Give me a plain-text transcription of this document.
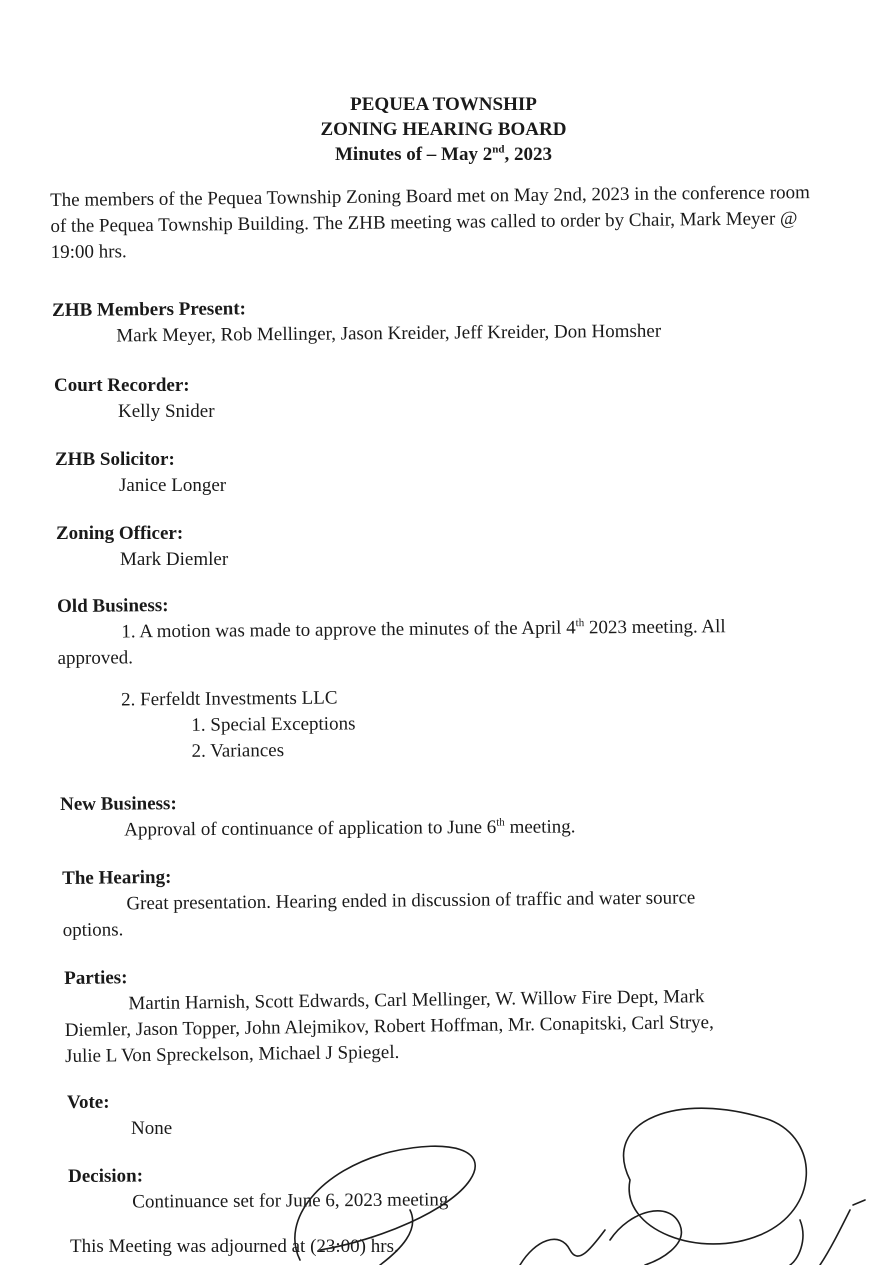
PEQUEA TOWNSHIP
ZONING HEARING BOARD
Minutes of – May 2nd, 2023
The members of the Pequea Township Zoning Board met on May 2nd, 2023 in the conference room of the Pequea Township Building. The ZHB meeting was called to order by Chair, Mark Meyer @ 19:00 hrs.
ZHB Members Present:
Mark Meyer, Rob Mellinger, Jason Kreider, Jeff Kreider, Don Homsher
Court Recorder:
Kelly Snider
ZHB Solicitor:
Janice Longer
Zoning Officer:
Mark Diemler
Old Business:
1. A motion was made to approve the minutes of the April 4th 2023 meeting. All
approved.
2. Ferfeldt Investments LLC
1. Special Exceptions
2. Variances
New Business:
Approval of continuance of application to June 6th meeting.
The Hearing:
Great presentation. Hearing ended in discussion of traffic and water source
options.
Parties:
Martin Harnish, Scott Edwards, Carl Mellinger, W. Willow Fire Dept, Mark
Diemler, Jason Topper, John Alejmikov, Robert Hoffman, Mr. Conapitski, Carl Strye,
Julie L Von Spreckelson, Michael J Spiegel.
Vote:
None
Decision:
Continuance set for June 6, 2023 meeting
This Meeting was adjourned at (23:00) hrs.
